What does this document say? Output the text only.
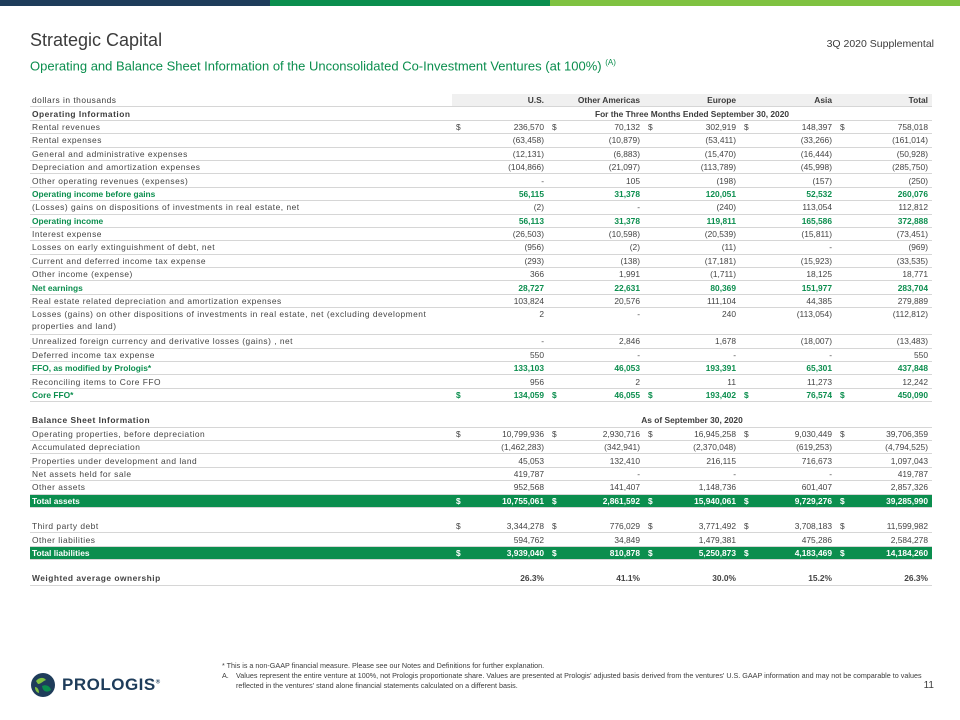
Strategic Capital	3Q 2020 Supplemental
Operating and Balance Sheet Information of the Unconsolidated Co-Investment Ventures (at 100%) $^{(A)}$
dollars in thousands		U.S.		Other Americas		Europe		Asia		Total
Operating Information	For the Three Months Ended September 30, 2020									
Rental revenues	$	236,570	$	70,132	$	302,919	$	148,397	$	758,018
Rental expenses		(63,458)		(10,879)		(53,411)		(33,266)		(161,014)
General and administrative expenses		(12,131)		(6,883)		(15,470)		(16,444)		(50,928)
Depreciation and amortization expenses		(104,866)		(21,097)		(113,789)		(45,998)		(285,750)
Other operating revenues (expenses)		-		105		(198)		(157)		(250)
Operating income before gains		56,115		31,378		120,051		52,532		260,076
(Losses) gains on dispositions of investments in real estate, net		(2)		-		(240)		113,054		112,812
Operating income		56,113		31,378		119,811		165,586		372,888
Interest expense		(26,503)		(10,598)		(20,539)		(15,811)		(73,451)
Losses on early extinguishment of debt, net		(956)		(2)		(11)		-		(969)
Current and deferred income tax expense		(293)		(138)		(17,181)		(15,923)		(33,535)
Other income (expense)		366		1,991		(1,711)		18,125		18,771
Net earnings		28,727		22,631		80,369		151,977		283,704
Real estate related depreciation and amortization expenses		103,824		20,576		111,104		44,385		279,889
Losses (gains) on other dispositions of investments in real estate, net (excluding development properties and land)		2		-		240		(113,054)		(112,812)
Unrealized foreign currency and derivative losses (gains) , net		-		2,846		1,678		(18,007)		(13,483)
Deferred income tax expense		550		-		-		-		550
FFO, as modified by Prologis*		133,103		46,053		193,391		65,301		437,848
Reconciling items to Core FFO		956		2		11		11,273		12,242
Core FFO*	$	134,059	$	46,055	$	193,402	$	76,574	$	450,090

Balance Sheet Information	As of September 30, 2020									
Operating properties, before depreciation	$	10,799,936	$	2,930,716	$	16,945,258	$	9,030,449	$	39,706,359
Accumulated depreciation		(1,462,283)		(342,941)		(2,370,048)		(619,253)		(4,794,525)
Properties under development and land		45,053		132,410		216,115		716,673		1,097,043
Net assets held for sale		419,787		-		-		-		419,787
Other assets		952,568		141,407		1,148,736		601,407		2,857,326
Total assets	$	10,755,061	$	2,861,592	$	15,940,061	$	9,729,276	$	39,285,990

Third party debt	$	3,344,278	$	776,029	$	3,771,492	$	3,708,183	$	11,599,982
Other liabilities		594,762		34,849		1,479,381		475,286		2,584,278
Total liabilities	$	3,939,040	$	810,878	$	5,250,873	$	4,183,469	$	14,184,260

Weighted average ownership		26.3%		41.1%		30.0%		15.2%		26.3%
* This is a non-GAAP financial measure. Please see our Notes and Definitions for further explanation.
A.	Values represent the entire venture at 100%, not Prologis proportionate share. Values are presented at Prologis' adjusted basis derived from the ventures' U.S. GAAP information and may not be comparable to values reflected in the ventures' stand alone financial statements calculated on a different basis.
PROLOGIS®	11
